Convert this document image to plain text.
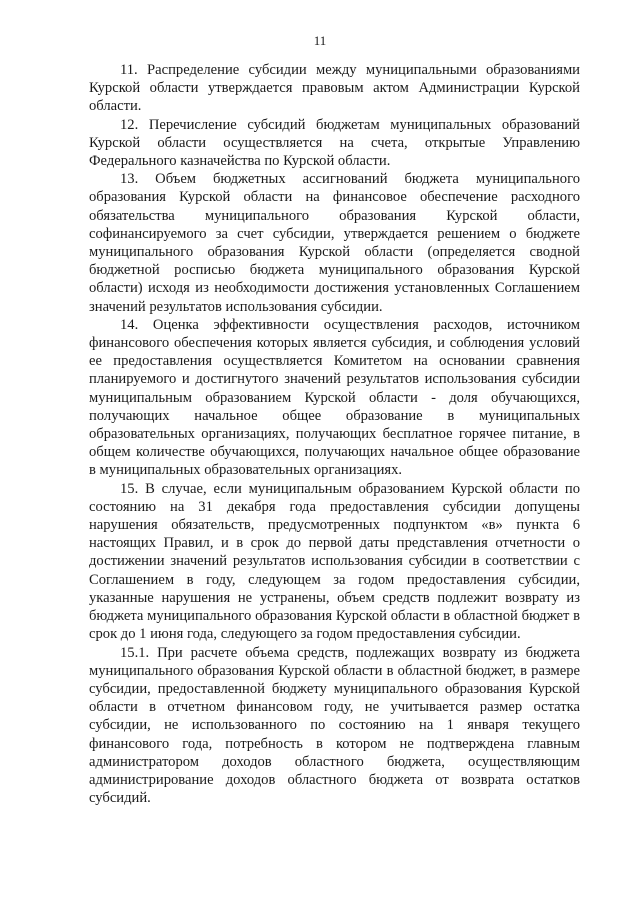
11

11. Распределение субсидии между муниципальными образованиями Курской области утверждается правовым актом Администрации Курской области.

12. Перечисление субсидий бюджетам муниципальных образований Курской области осуществляется на счета, открытые Управлению Федерального казначейства по Курской области.

13. Объем бюджетных ассигнований бюджета муниципального образования Курской области на финансовое обеспечение расходного обязательства муниципального образования Курской области, софинансируемого за счет субсидии, утверждается решением о бюджете муниципального образования Курской области (определяется сводной бюджетной росписью бюджета муниципального образования Курской области) исходя из необходимости достижения установленных Соглашением значений результатов использования субсидии.

14. Оценка эффективности осуществления расходов, источником финансового обеспечения которых является субсидия, и соблюдения условий ее предоставления осуществляется Комитетом на основании сравнения планируемого и достигнутого значений результатов использования субсидии муниципальным образованием Курской области - доля обучающихся, получающих начальное общее образование в муниципальных образовательных организациях, получающих бесплатное горячее питание, в общем количестве обучающихся, получающих начальное общее образование в муниципальных образовательных организациях.

15. В случае, если муниципальным образованием Курской области по состоянию на 31 декабря года предоставления субсидии допущены нарушения обязательств, предусмотренных подпунктом «в» пункта 6 настоящих Правил, и в срок до первой даты представления отчетности о достижении значений результатов использования субсидии в соответствии с Соглашением в году, следующем за годом предоставления субсидии, указанные нарушения не устранены, объем средств подлежит возврату из бюджета муниципального образования Курской области в областной бюджет в срок до 1 июня года, следующего за годом предоставления субсидии.

15.1. При расчете объема средств, подлежащих возврату из бюджета муниципального образования Курской области в областной бюджет, в размере субсидии, предоставленной бюджету муниципального образования Курской области в отчетном финансовом году, не учитывается размер остатка субсидии, не использованного по состоянию на 1 января текущего финансового года, потребность в котором не подтверждена главным администратором доходов областного бюджета, осуществляющим администрирование доходов областного бюджета от возврата остатков субсидий.
